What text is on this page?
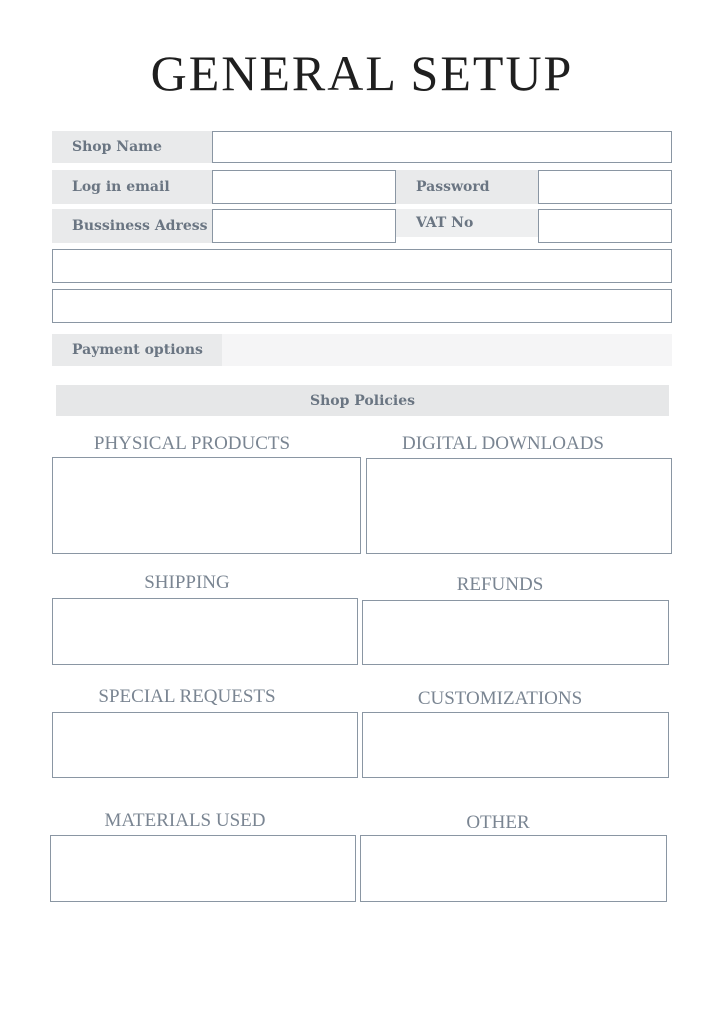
GENERAL SETUP
Shop Name
Log in email	Password
Bussiness Adress	VAT No
Payment options
Shop Policies
PHYSICAL PRODUCTS	DIGITAL DOWNLOADS
SHIPPING	REFUNDS
SPECIAL REQUESTS	CUSTOMIZATIONS
MATERIALS USED	OTHER
